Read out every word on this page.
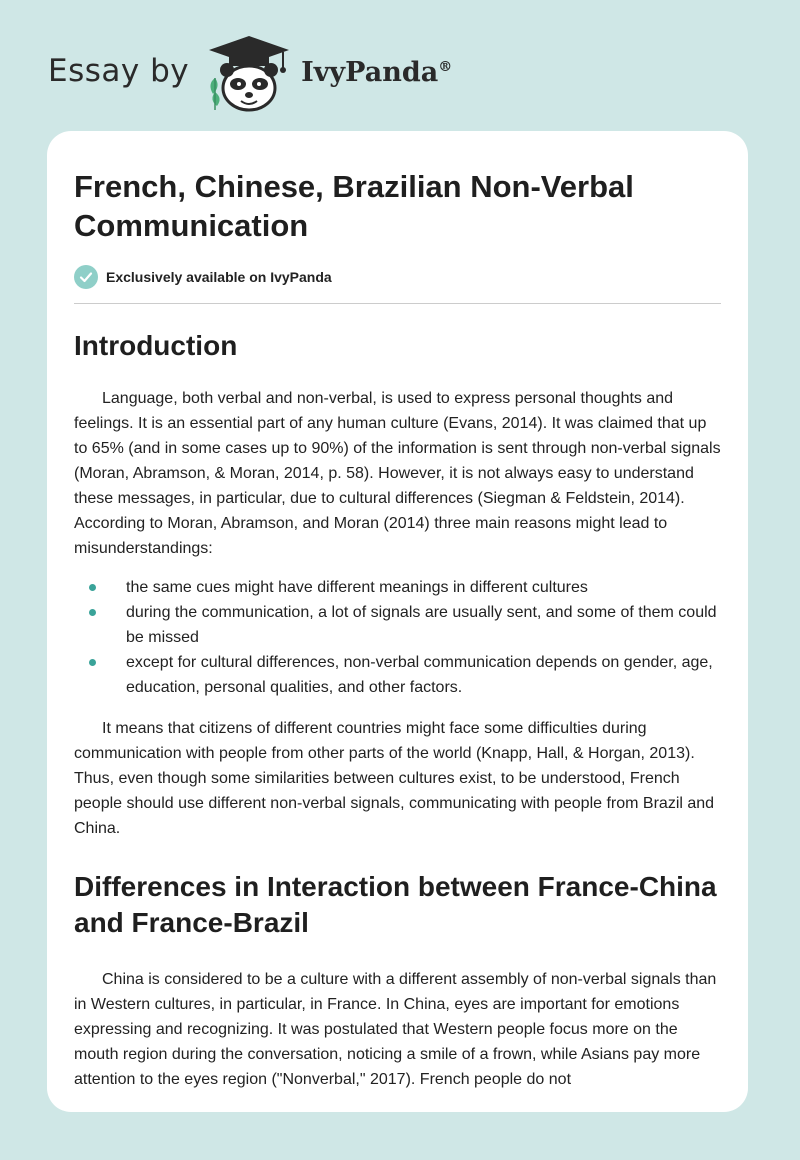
Essay by	IvyPanda®
French, Chinese, Brazilian Non-Verbal Communication
Exclusively available on IvyPanda
Introduction

Language, both verbal and non-verbal, is used to express personal thoughts and feelings. It is an essential part of any human culture (Evans, 2014). It was claimed that up to 65% (and in some cases up to 90%) of the information is sent through non-verbal signals (Moran, Abramson, & Moran, 2014, p. 58). However, it is not always easy to understand these messages, in particular, due to cultural differences (Siegman & Feldstein, 2014). According to Moran, Abramson, and Moran (2014) three main reasons might lead to misunderstandings:

the same cues might have different meanings in different cultures
during the communication, a lot of signals are usually sent, and some of them could be missed
except for cultural differences, non-verbal communication depends on gender, age, education, personal qualities, and other factors.

It means that citizens of different countries might face some difficulties during communication with people from other parts of the world (Knapp, Hall, & Horgan, 2013). Thus, even though some similarities between cultures exist, to be understood, French people should use different non-verbal signals, communicating with people from Brazil and China.

Differences in Interaction between France-China and France-Brazil

China is considered to be a culture with a different assembly of non-verbal signals than in Western cultures, in particular, in France. In China, eyes are important for emotions expressing and recognizing. It was postulated that Western people focus more on the mouth region during the conversation, noticing a smile of a frown, while Asians pay more attention to the eyes region ("Nonverbal," 2017). French people do not
